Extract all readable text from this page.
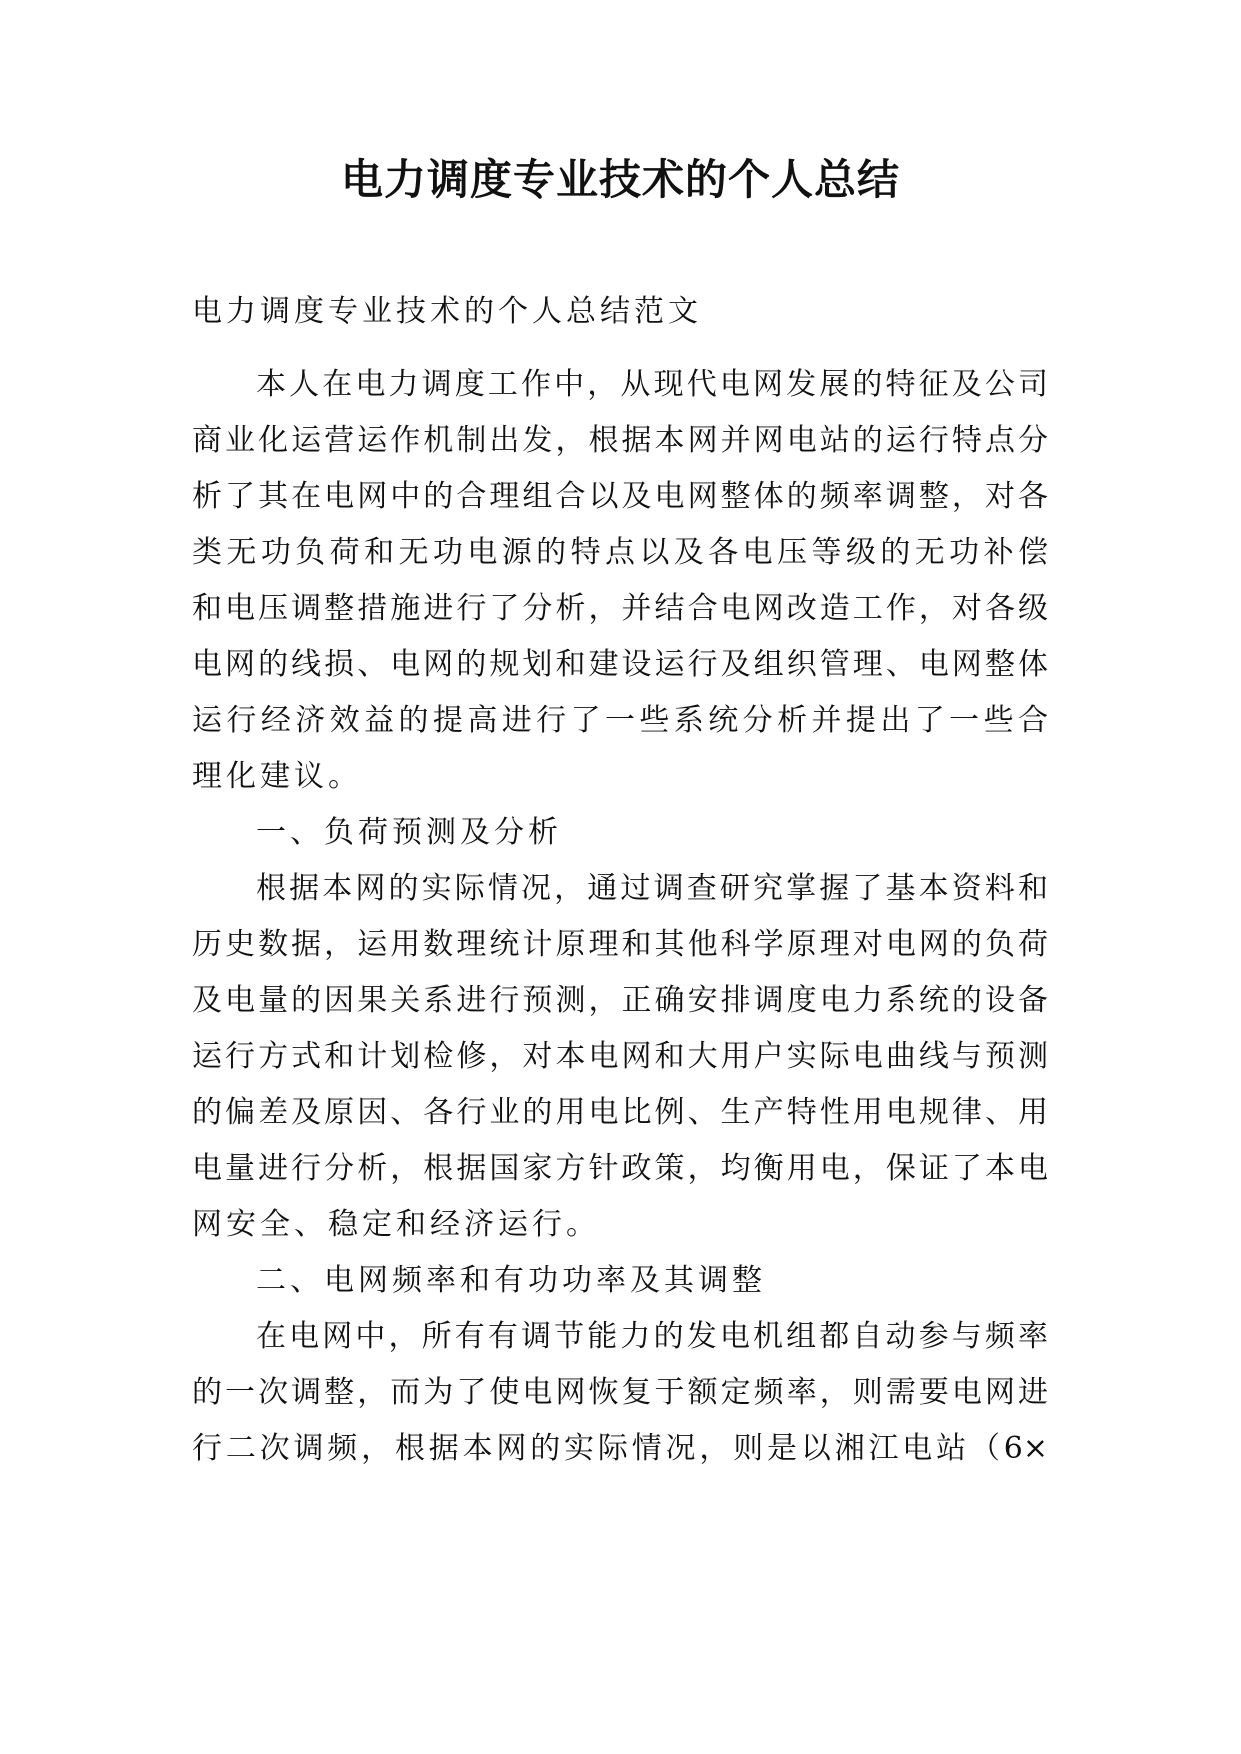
电力调度专业技术的个人总结

电力调度专业技术的个人总结范文

本人在电力调度工作中，从现代电网发展的特征及公司

商业化运营运作机制出发，根据本网并网电站的运行特点分

析了其在电网中的合理组合以及电网整体的频率调整，对各

类无功负荷和无功电源的特点以及各电压等级的无功补偿

和电压调整措施进行了分析，并结合电网改造工作，对各级

电网的线损、电网的规划和建设运行及组织管理、电网整体

运行经济效益的提高进行了一些系统分析并提出了一些合

理化建议。

一、负荷预测及分析

根据本网的实际情况，通过调查研究掌握了基本资料和

历史数据，运用数理统计原理和其他科学原理对电网的负荷

及电量的因果关系进行预测，正确安排调度电力系统的设备

运行方式和计划检修，对本电网和大用户实际电曲线与预测

的偏差及原因、各行业的用电比例、生产特性用电规律、用

电量进行分析，根据国家方针政策，均衡用电，保证了本电

网安全、稳定和经济运行。

二、电网频率和有功功率及其调整

在电网中，所有有调节能力的发电机组都自动参与频率

的一次调整，而为了使电网恢复于额定频率，则需要电网进

行二次调频，根据本网的实际情况，则是以湘江电站（6×
